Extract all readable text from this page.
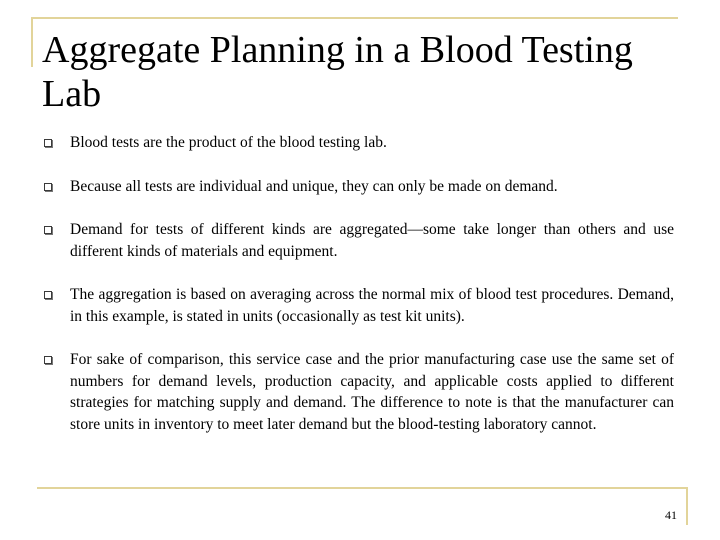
Aggregate Planning in a Blood Testing Lab
Blood tests are the product of the blood testing lab.
Because all tests are individual and unique, they can only be made on demand.
Demand for tests of different kinds are aggregated—some take longer than others and use different kinds of materials and equipment.
The aggregation is based on averaging across the normal mix of blood test procedures. Demand, in this example, is stated in units (occasionally as test kit units).
For sake of comparison, this service case and the prior manufacturing case use the same set of numbers for demand levels, production capacity, and applicable costs applied to different strategies for matching supply and demand. The difference to note is that the manufacturer can store units in inventory to meet later demand but the blood-testing laboratory cannot.
41
